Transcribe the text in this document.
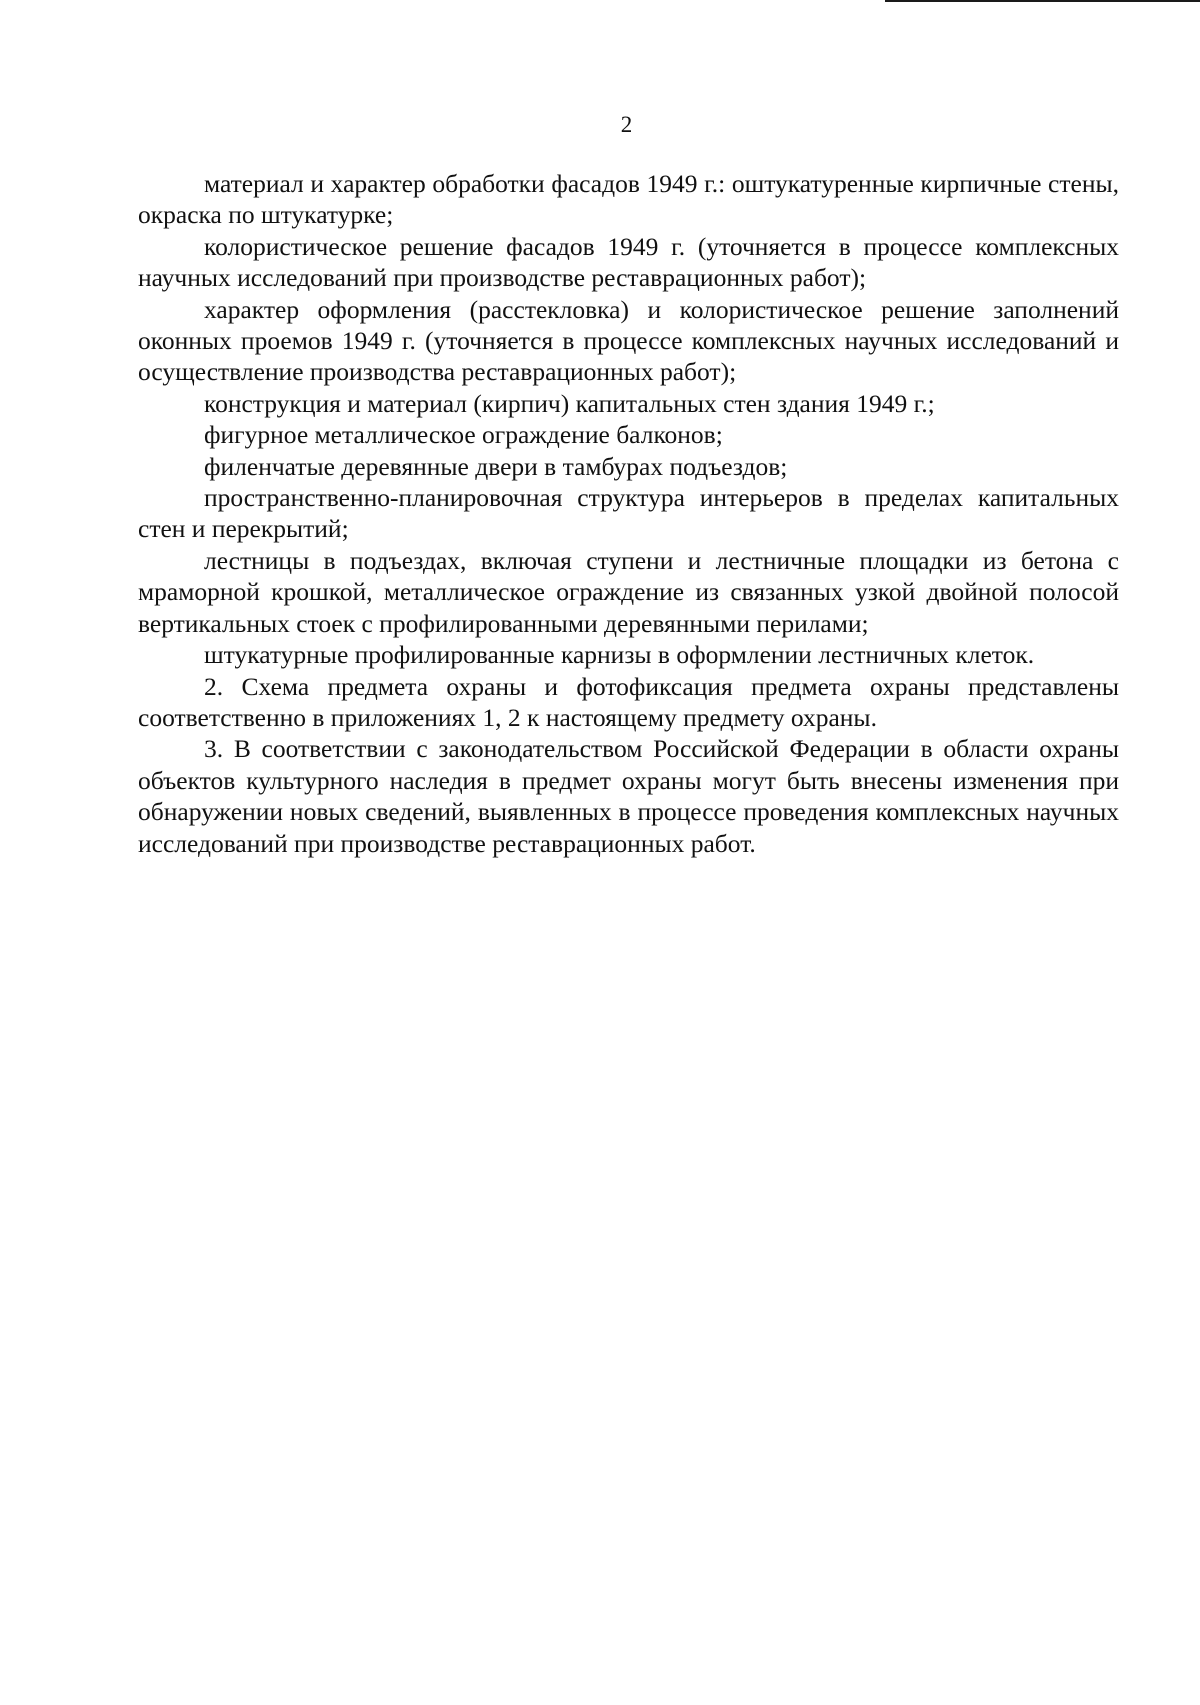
2

материал и характер обработки фасадов 1949 г.: оштукатуренные кирпичные стены, окраска по штукатурке;

колористическое решение фасадов 1949 г. (уточняется в процессе комплексных научных исследований при производстве реставрационных работ);

характер оформления (расстекловка) и колористическое решение заполнений оконных проемов 1949 г. (уточняется в процессе комплексных научных исследований и осуществление производства реставрационных работ);

конструкция и материал (кирпич) капитальных стен здания 1949 г.;

фигурное металлическое ограждение балконов;

филенчатые деревянные двери в тамбурах подъездов;

пространственно-планировочная структура интерьеров в пределах капитальных стен и перекрытий;

лестницы в подъездах, включая ступени и лестничные площадки из бетона с мраморной крошкой, металлическое ограждение из связанных узкой двойной полосой вертикальных стоек с профилированными деревянными перилами;

штукатурные профилированные карнизы в оформлении лестничных клеток.

2. Схема предмета охраны и фотофиксация предмета охраны представлены соответственно в приложениях 1, 2 к настоящему предмету охраны.

3. В соответствии с законодательством Российской Федерации в области охраны объектов культурного наследия в предмет охраны могут быть внесены изменения при обнаружении новых сведений, выявленных в процессе проведения комплексных научных исследований при производстве реставрационных работ.
